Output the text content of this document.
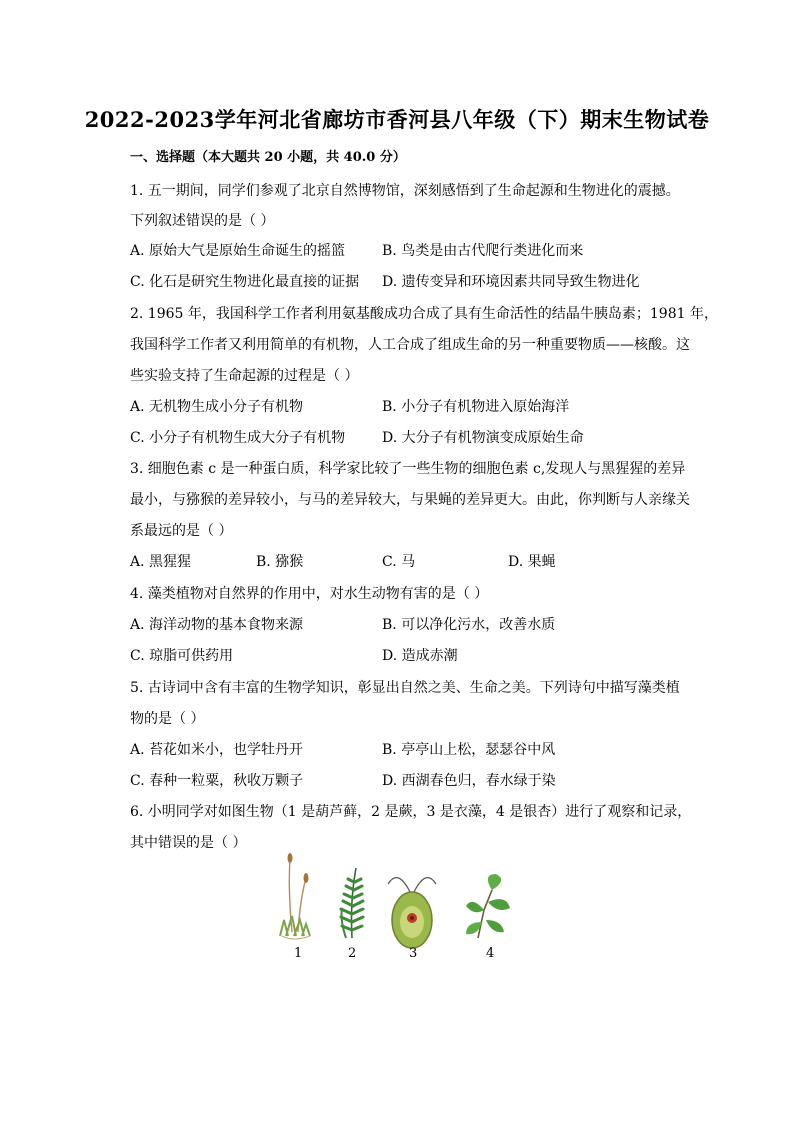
2022-2023学年河北省廊坊市香河县八年级（下）期末生物试卷
一、选择题（本大题共 20 小题，共 40.0 分）
1. 五一期间，同学们参观了北京自然博物馆，深刻感悟到了生命起源和生物进化的震撼。
下列叙述错误的是（ ）
A. 原始大气是原始生命诞生的摇篮	B. 鸟类是由古代爬行类进化而来
C. 化石是研究生物进化最直接的证据 D. 遗传变异和环境因素共同导致生物进化
2. 1965 年，我国科学工作者利用氨基酸成功合成了具有生命活性的结晶牛胰岛素；1981 年，
我国科学工作者又利用简单的有机物，人工合成了组成生命的另一种重要物质——核酸。这
些实验支持了生命起源的过程是（ ）
A. 无机物生成小分子有机物	B. 小分子有机物进入原始海洋
C. 小分子有机物生成大分子有机物	D. 大分子有机物演变成原始生命
3. 细胞色素 c 是一种蛋白质，科学家比较了一些生物的细胞色素 c,发现人与黑猩猩的差异
最小，与猕猴的差异较小，与马的差异较大，与果蝇的差异更大。由此，你判断与人亲缘关
系最远的是（ ）
A. 黑猩猩	B. 猕猴	C. 马	D. 果蝇
4. 藻类植物对自然界的作用中，对水生动物有害的是（ ）
A. 海洋动物的基本食物来源	B. 可以净化污水，改善水质
C. 琼脂可供药用	D. 造成赤潮
5. 古诗词中含有丰富的生物学知识，彰显出自然之美、生命之美。下列诗句中描写藻类植
物的是（ ）
A. 苔花如米小，也学牡丹开	B. 亭亭山上松，瑟瑟谷中风
C. 春种一粒粟，秋收万颗子	D. 西湖春色归，春水绿于染
6. 小明同学对如图生物（1 是葫芦藓，2 是蕨，3 是衣藻，4 是银杏）进行了观察和记录，
其中错误的是（ ）
1	2	3	4
